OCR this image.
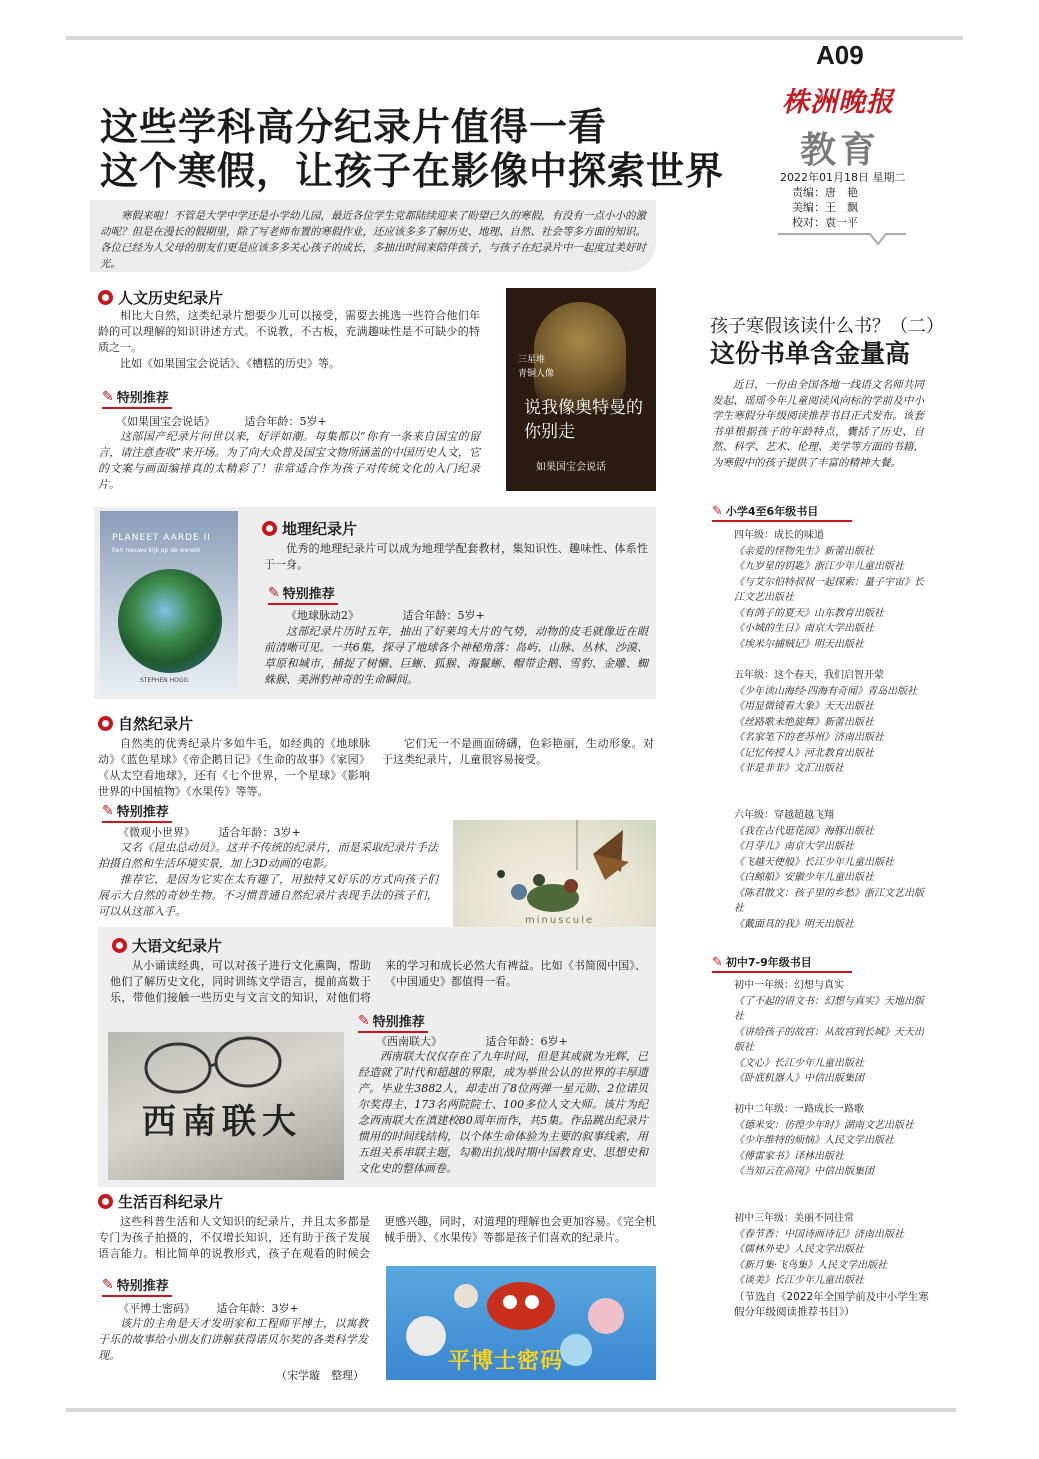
A09
株洲晚报
教育
2022年01月18日 星期二
责编：唐　艳
美编：王　飘
校对：袁一平
这些学科高分纪录片值得一看
这个寒假，让孩子在影像中探索世界
寒假来啦！不管是大学中学还是小学幼儿园，最近各位学生党都陆续迎来了盼望已久的寒假，有没有一点小小的激动呢？但是在漫长的假期里，除了写老师布置的寒假作业，还应该多多了解历史、地理、自然、社会等多方面的知识。各位已经为人父母的朋友们更是应该多多关心孩子的成长，多抽出时间来陪伴孩子，与孩子在纪录片中一起度过美好时光。
人文历史纪录片

相比大自然，这类纪录片想要少儿可以接受，需要去挑选一些符合他们年龄的可以理解的知识讲述方式。不说教，不古板，充满趣味性是不可缺少的特质之一。

比如《如果国宝会说话》、《槽糕的历史》等。

✎ 特别推荐
《如果国宝会说话》	适合年龄：5岁+

这部国产纪录片问世以来，好评如潮。每集都以“你有一条来自国宝的留言，请注意查收”来开场。为了向大众普及国宝文物所涵盖的中国历史人文，它的文案与画面编排真的太精彩了！非常适合作为孩子对传统文化的入门纪录片。

三星堆
青铜人像
说我像奥特曼的你别走
如果国宝会说话
PLANEET AARDE II
Een nieuwe kijk op de wereld
STEPHEN HOGG
地理纪录片

优秀的地理纪录片可以成为地理学配套教材，集知识性、趣味性、体系性于一身。

✎ 特别推荐
《地球脉动2》	适合年龄：5岁+

这部纪录片历时五年，抽出了好莱坞大片的气势，动物的皮毛就像近在眼前清晰可见。一共6集，探寻了地球各个神秘角落：岛屿、山脉、丛林、沙漠、草原和城市，捕捉了树懒、巨蜥、狐猴、海鬣蜥、帽带企鹅、雪豹、金雕、蜘蛛猴、美洲豹神奇的生命瞬间。

自然纪录片

自然类的优秀纪录片多如牛毛，如经典的《地球脉动》《蓝色星球》《帝企鹅日记》《生命的故事》《家园》《从太空看地球》，还有《七个世界，一个星球》《影响世界的中国植物》《水果传》等等。

它们无一不是画面磅礴，色彩艳丽，生动形象。对于这类纪录片，儿童很容易接受。

✎ 特别推荐
《微观小世界》 适合年龄：3岁+

又名《昆虫总动员》。这并不传统的纪录片，而是采取纪录片手法拍摄自然和生活环境实景，加上3D动画的电影。

推荐它，是因为它实在太有趣了，用独特又好乐的方式向孩子们展示大自然的奇妙生物。不习惯普通自然纪录片表现手法的孩子们，可以从这部入手。

minuscule
大语文纪录片

从小诵读经典，可以对孩子进行文化熏陶，帮助他们了解历史文化，同时训练文学语言，提前高数于乐，带他们接触一些历史与文言文的知识，对他们将来的学习和成长必然大有裨益。比如《书简阅中国》、《中国通史》都值得一看。

✎ 特别推荐
《西南联大》	适合年龄：6岁+

西南联大仅仅存在了九年时间，但是其成就为光辉，已经造就了时代和超越的界限，成为举世公认的世界的丰厚遗产。毕业生3882人，却走出了8位两弹一星元勋、2位诺贝尔奖得主、173名两院院士、100多位人文大师。该片为纪念西南联大在滇建校80周年而作，共5集。作品跳出纪录片惯用的时间线结构，以个体生命体验为主要的叙事线索，用五组关系串联主题，勾勒出抗战时期中国教育史、思想史和文化史的整体画卷。

西南联大
生活百科纪录片

这些科普生活和人文知识的纪录片，并且太多都是专门为孩子拍摄的，不仅增长知识，还有助于孩子发展语言能力。相比简单的说教形式，孩子在观看的时候会更感兴趣，同时，对道理的理解也会更加容易。《完全机械手册》、《水果传》等都是孩子们喜欢的纪录片。

✎ 特别推荐
《平博士密码》 适合年龄：3岁+

该片的主角是天才发明家和工程师平博士，以寓教于乐的故事给小朋友们讲解获得诺贝尔奖的各类科学发现。

（宋学璇　整理）
平博士密码
孩子寒假该读什么书？（二）
这份书单含金量高
近日，一份由全国各地一线语文名师共同发起、瑶瑶今年儿童阅读风向标的学前及中小学生寒假分年级阅读推荐书目正式发布。该套书单根据孩子的年龄特点，囊括了历史、自然、科学、艺术、伦理、美学等方面的书籍，为寒假中的孩子提供了丰富的精神大餐。
✎ 小学4至6年级书目
四年级：成长的味道
《亲爱的怪物先生》新蕾出版社
《九岁星的钥匙》浙江少年儿童出版社
《与艾尔伯特叔叔一起探索：量子宇宙》长江文艺出版社
《有鸽子的夏天》山东教育出版社
《小城的生日》南京大学出版社
《埃米尔捕贼记》明天出版社
五年级：这个春天，我们启智开蒙
《少年读山海经·四海有奇闻》青岛出版社
《用显微镜看大象》天天出版社
《丝路歌未绝旋舞》新蕾出版社
《名家笔下的老苏州》济南出版社
《记忆传授人》河北教育出版社
《非是非非》文汇出版社
六年级：穿越超越飞翔
《我在古代逛花园》海豚出版社
《月芽儿》南京大学出版社
《飞越天使般》长江少年儿童出版社
《白鲸船》安徽少年儿童出版社
《陈君散文：孩子里的乡愁》浙江文艺出版社
《戴面具的我》明天出版社
✎ 初中7-9年级书目
初中一年级：幻想与真实
《了不起的语文书：幻想与真实》天地出版社
《讲给孩子的故宫：从故宫到长城》天天出版社
《文心》长江少年儿童出版社
《卧底机器人》中信出版集团
初中二年级：一路成长一路歌
《德米安：彷徨少年时》湖南文艺出版社
《少年维特的烦恼》人民文学出版社
《傅雷家书》译林出版社
《当知云在高岗》中信出版集团
初中三年级：美丽不同往常
《春节香：中国诗画诗记》济南出版社
《儒林外史》人民文学出版社
《新月集·飞鸟集》人民文学出版社
《谈美》长江少年儿童出版社
（节选自《2022年全国学前及中小学生寒假分年级阅读推荐书目》）
